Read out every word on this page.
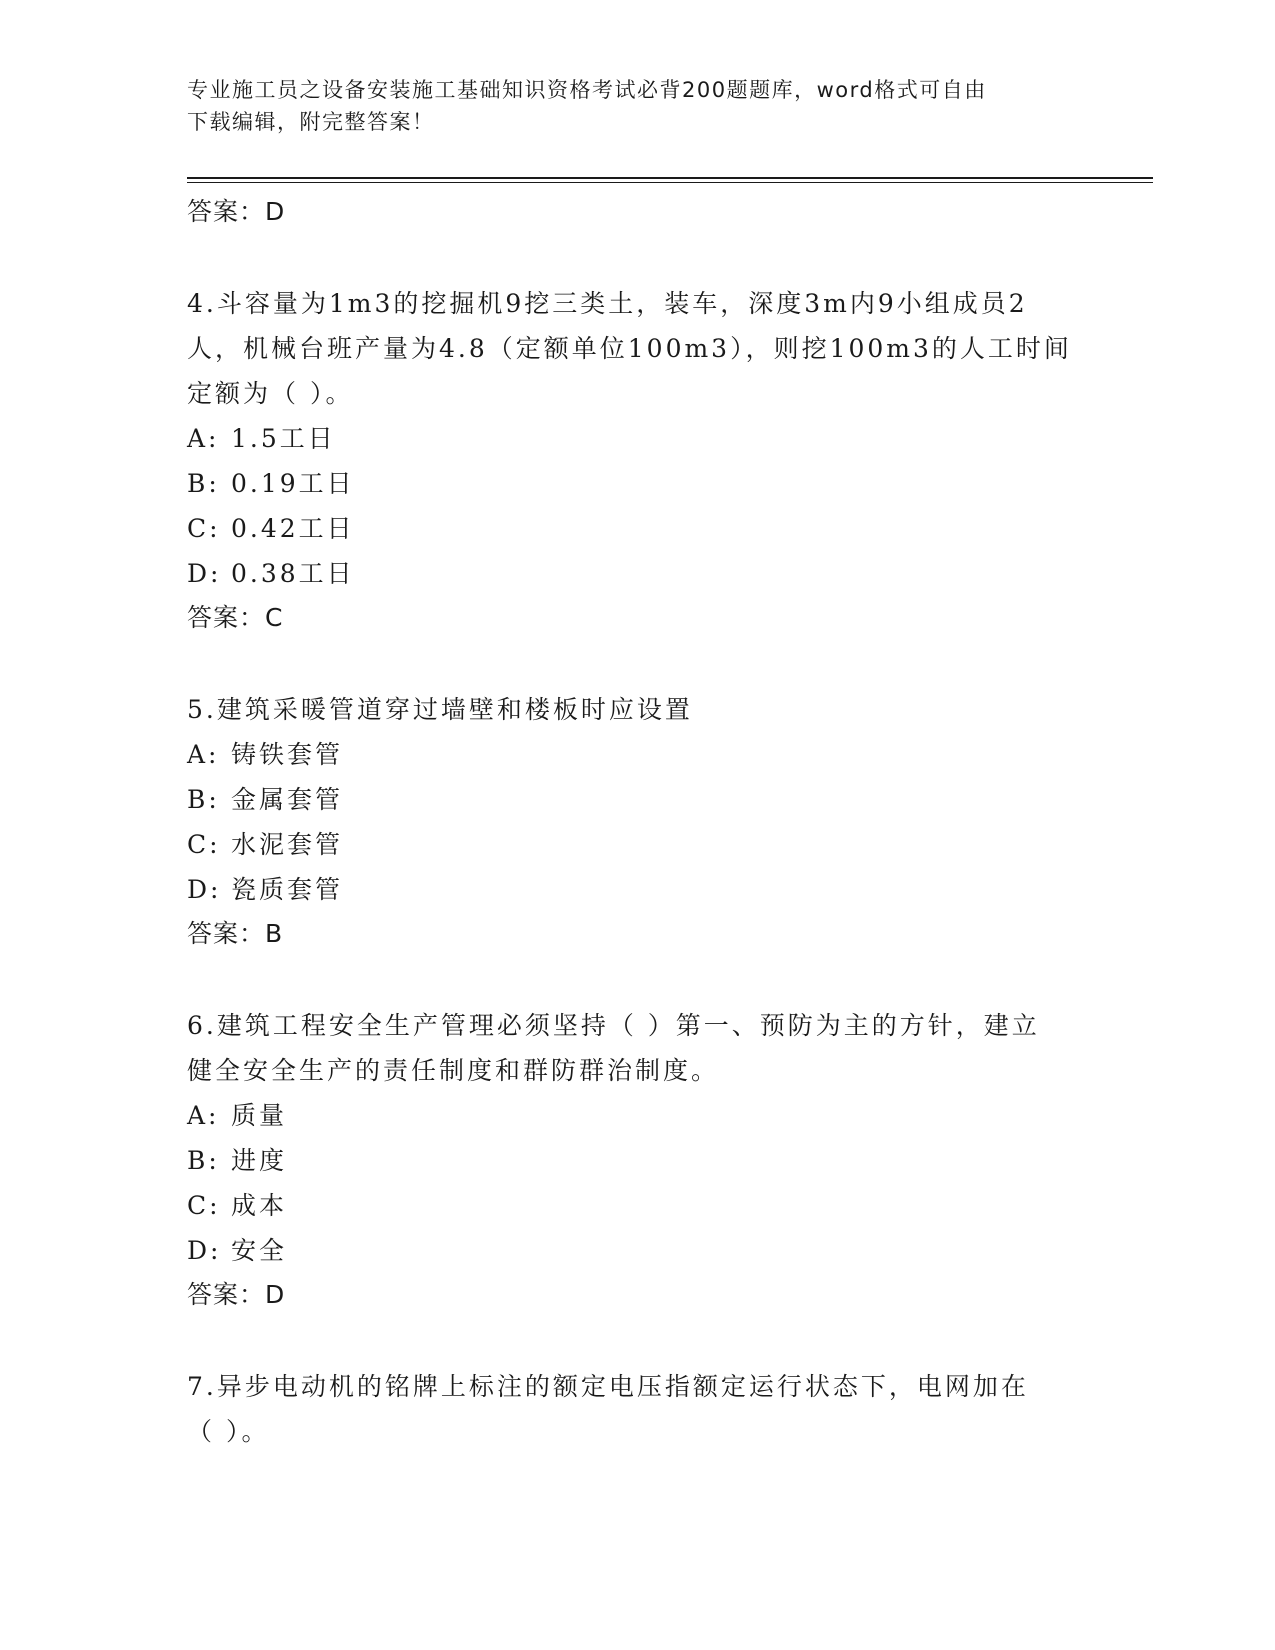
专业施工员之设备安装施工基础知识资格考试必背200题题库，word格式可自由
下载编辑，附完整答案！
答案：D
4.斗容量为1m3的挖掘机9挖三类土，装车，深度3m内9小组成员2
人，机械台班产量为4.8（定额单位100m3），则挖100m3的人工时间
定额为（ ）。
A: 1.5工日
B: 0.19工日
C: 0.42工日
D: 0.38工日
答案：C
5.建筑采暖管道穿过墙壁和楼板时应设置
A: 铸铁套管
B: 金属套管
C: 水泥套管
D: 瓷质套管
答案：B
6.建筑工程安全生产管理必须坚持（ ）第一、预防为主的方针，建立
健全安全生产的责任制度和群防群治制度。
A: 质量
B: 进度
C: 成本
D: 安全
答案：D
7.异步电动机的铭牌上标注的额定电压指额定运行状态下，电网加在
（ ）。
